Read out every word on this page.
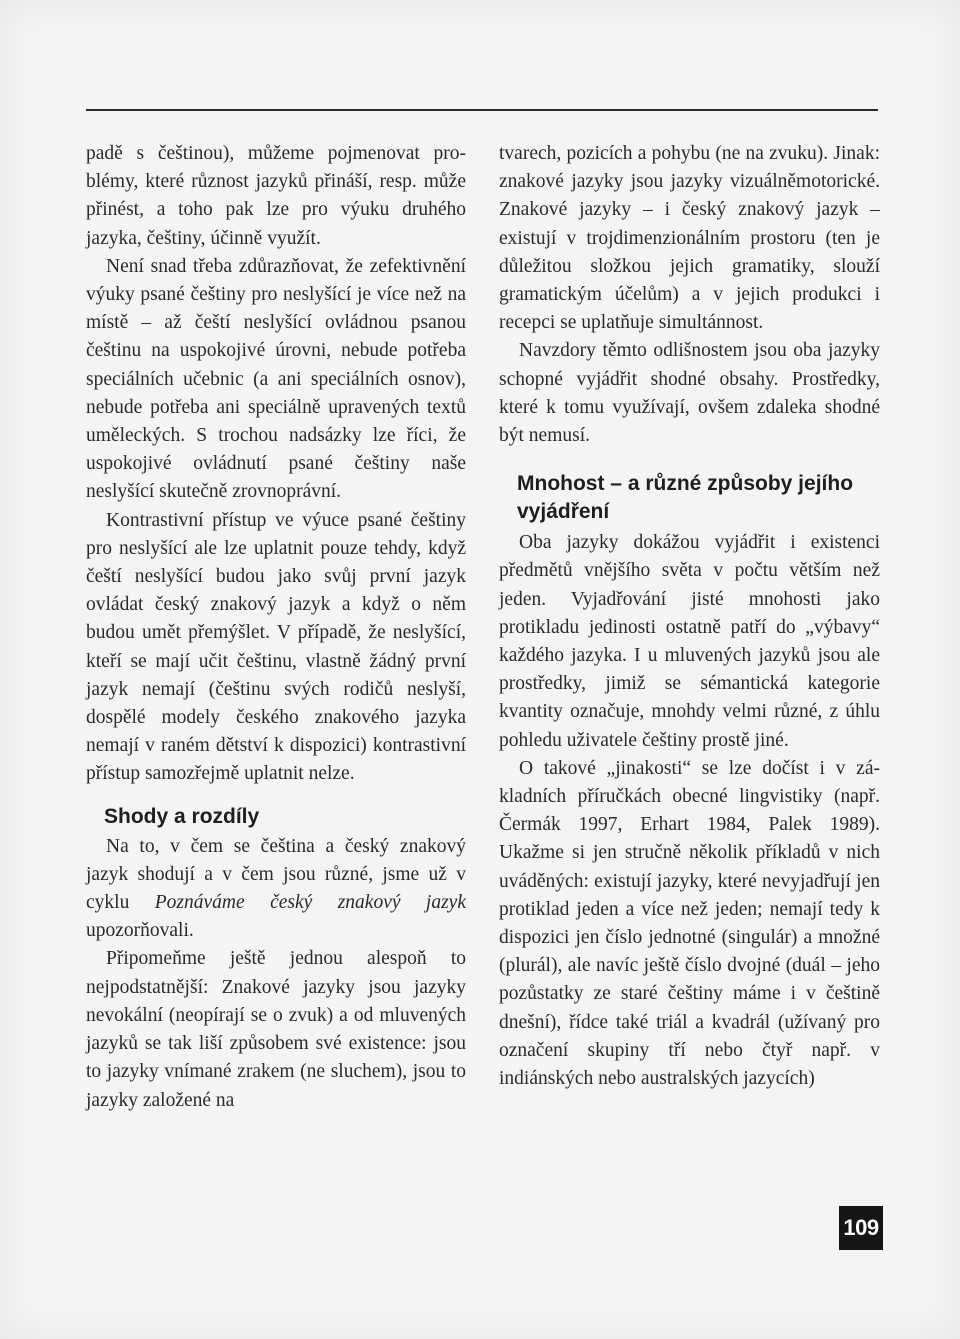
padě s češtinou), můžeme pojmenovat problémy, které různost jazyků přináší, resp. může přinést, a toho pak lze pro výuku druhého jazyka, češtiny, účinně využít.

Není snad třeba zdůrazňovat, že zefektivnění výuky psané češtiny pro neslyšící je více než na místě – až čeští neslyšící ovládnou psanou češtinu na uspokojivé úrovni, nebude potřeba speciálních učebnic (a ani speciálních osnov), nebude potřeba ani speciálně upravených textů uměleckých. S trochou nadsázky lze říci, že uspokojivé ovládnutí psané češtiny naše neslyšící skutečně zrovnoprávní.

Kontrastivní přístup ve výuce psané češtiny pro neslyšící ale lze uplatnit pouze tehdy, když čeští neslyšící budou jako svůj první jazyk ovládat český znakový jazyk a když o něm budou umět přemýšlet. V případě, že neslyšící, kteří se mají učit češtinu, vlastně žádný první jazyk nemají (češtinu svých rodičů neslyší, dospělé modely českého znakového jazyka nemají v raném dětství k dispozici) kontrastivní přístup samozřejmě uplatnit nelze.

Shody a rozdíly

Na to, v čem se čeština a český znakový jazyk shodují a v čem jsou různé, jsme už v cyklu Poznáváme český znakový jazyk upozorňovali.

Připomeňme ještě jednou alespoň to nejpodstatnější: Znakové jazyky jsou jazyky nevokální (neopírají se o zvuk) a od mluvených jazyků se tak liší způsobem své existence: jsou to jazyky vnímané zrakem (ne sluchem), jsou to jazyky založené na

tvarech, pozicích a pohybu (ne na zvuku). Jinak: znakové jazyky jsou jazyky vizuálněmotorické. Znakové jazyky – i český znakový jazyk – existují v trojdimenzionálním prostoru (ten je důležitou složkou jejich gramatiky, slouží gramatickým účelům) a v jejich produkci i recepci se uplatňuje simultánnost.

Navzdory těmto odlišnostem jsou oba jazyky schopné vyjádřit shodné obsahy. Prostředky, které k tomu využívají, ovšem zdaleka shodné být nemusí.

Mnohost – a různé způsoby jejího vyjádření

Oba jazyky dokážou vyjádřit i existenci předmětů vnějšího světa v počtu větším než jeden. Vyjadřování jisté mnohosti jako protikladu jedinosti ostatně patří do „výbavy“ každého jazyka. I u mluvených jazyků jsou ale prostředky, jimiž se sémantická kategorie kvantity označuje, mnohdy velmi různé, z úhlu pohledu uživatele češtiny prostě jiné.

O takové „jinakosti“ se lze dočíst i v základních příručkách obecné lingvistiky (např. Čermák 1997, Erhart 1984, Palek 1989). Ukažme si jen stručně několik příkladů v nich uváděných: existují jazyky, které nevyjadřují jen protiklad jeden a více než jeden; nemají tedy k dispozici jen číslo jednotné (singulár) a množné (plurál), ale navíc ještě číslo dvojné (duál – jeho pozůstatky ze staré češtiny máme i v češtině dnešní), řídce také triál a kvadrál (užívaný pro označení skupiny tří nebo čtyř např. v indiánských nebo australských jazycích)

109
